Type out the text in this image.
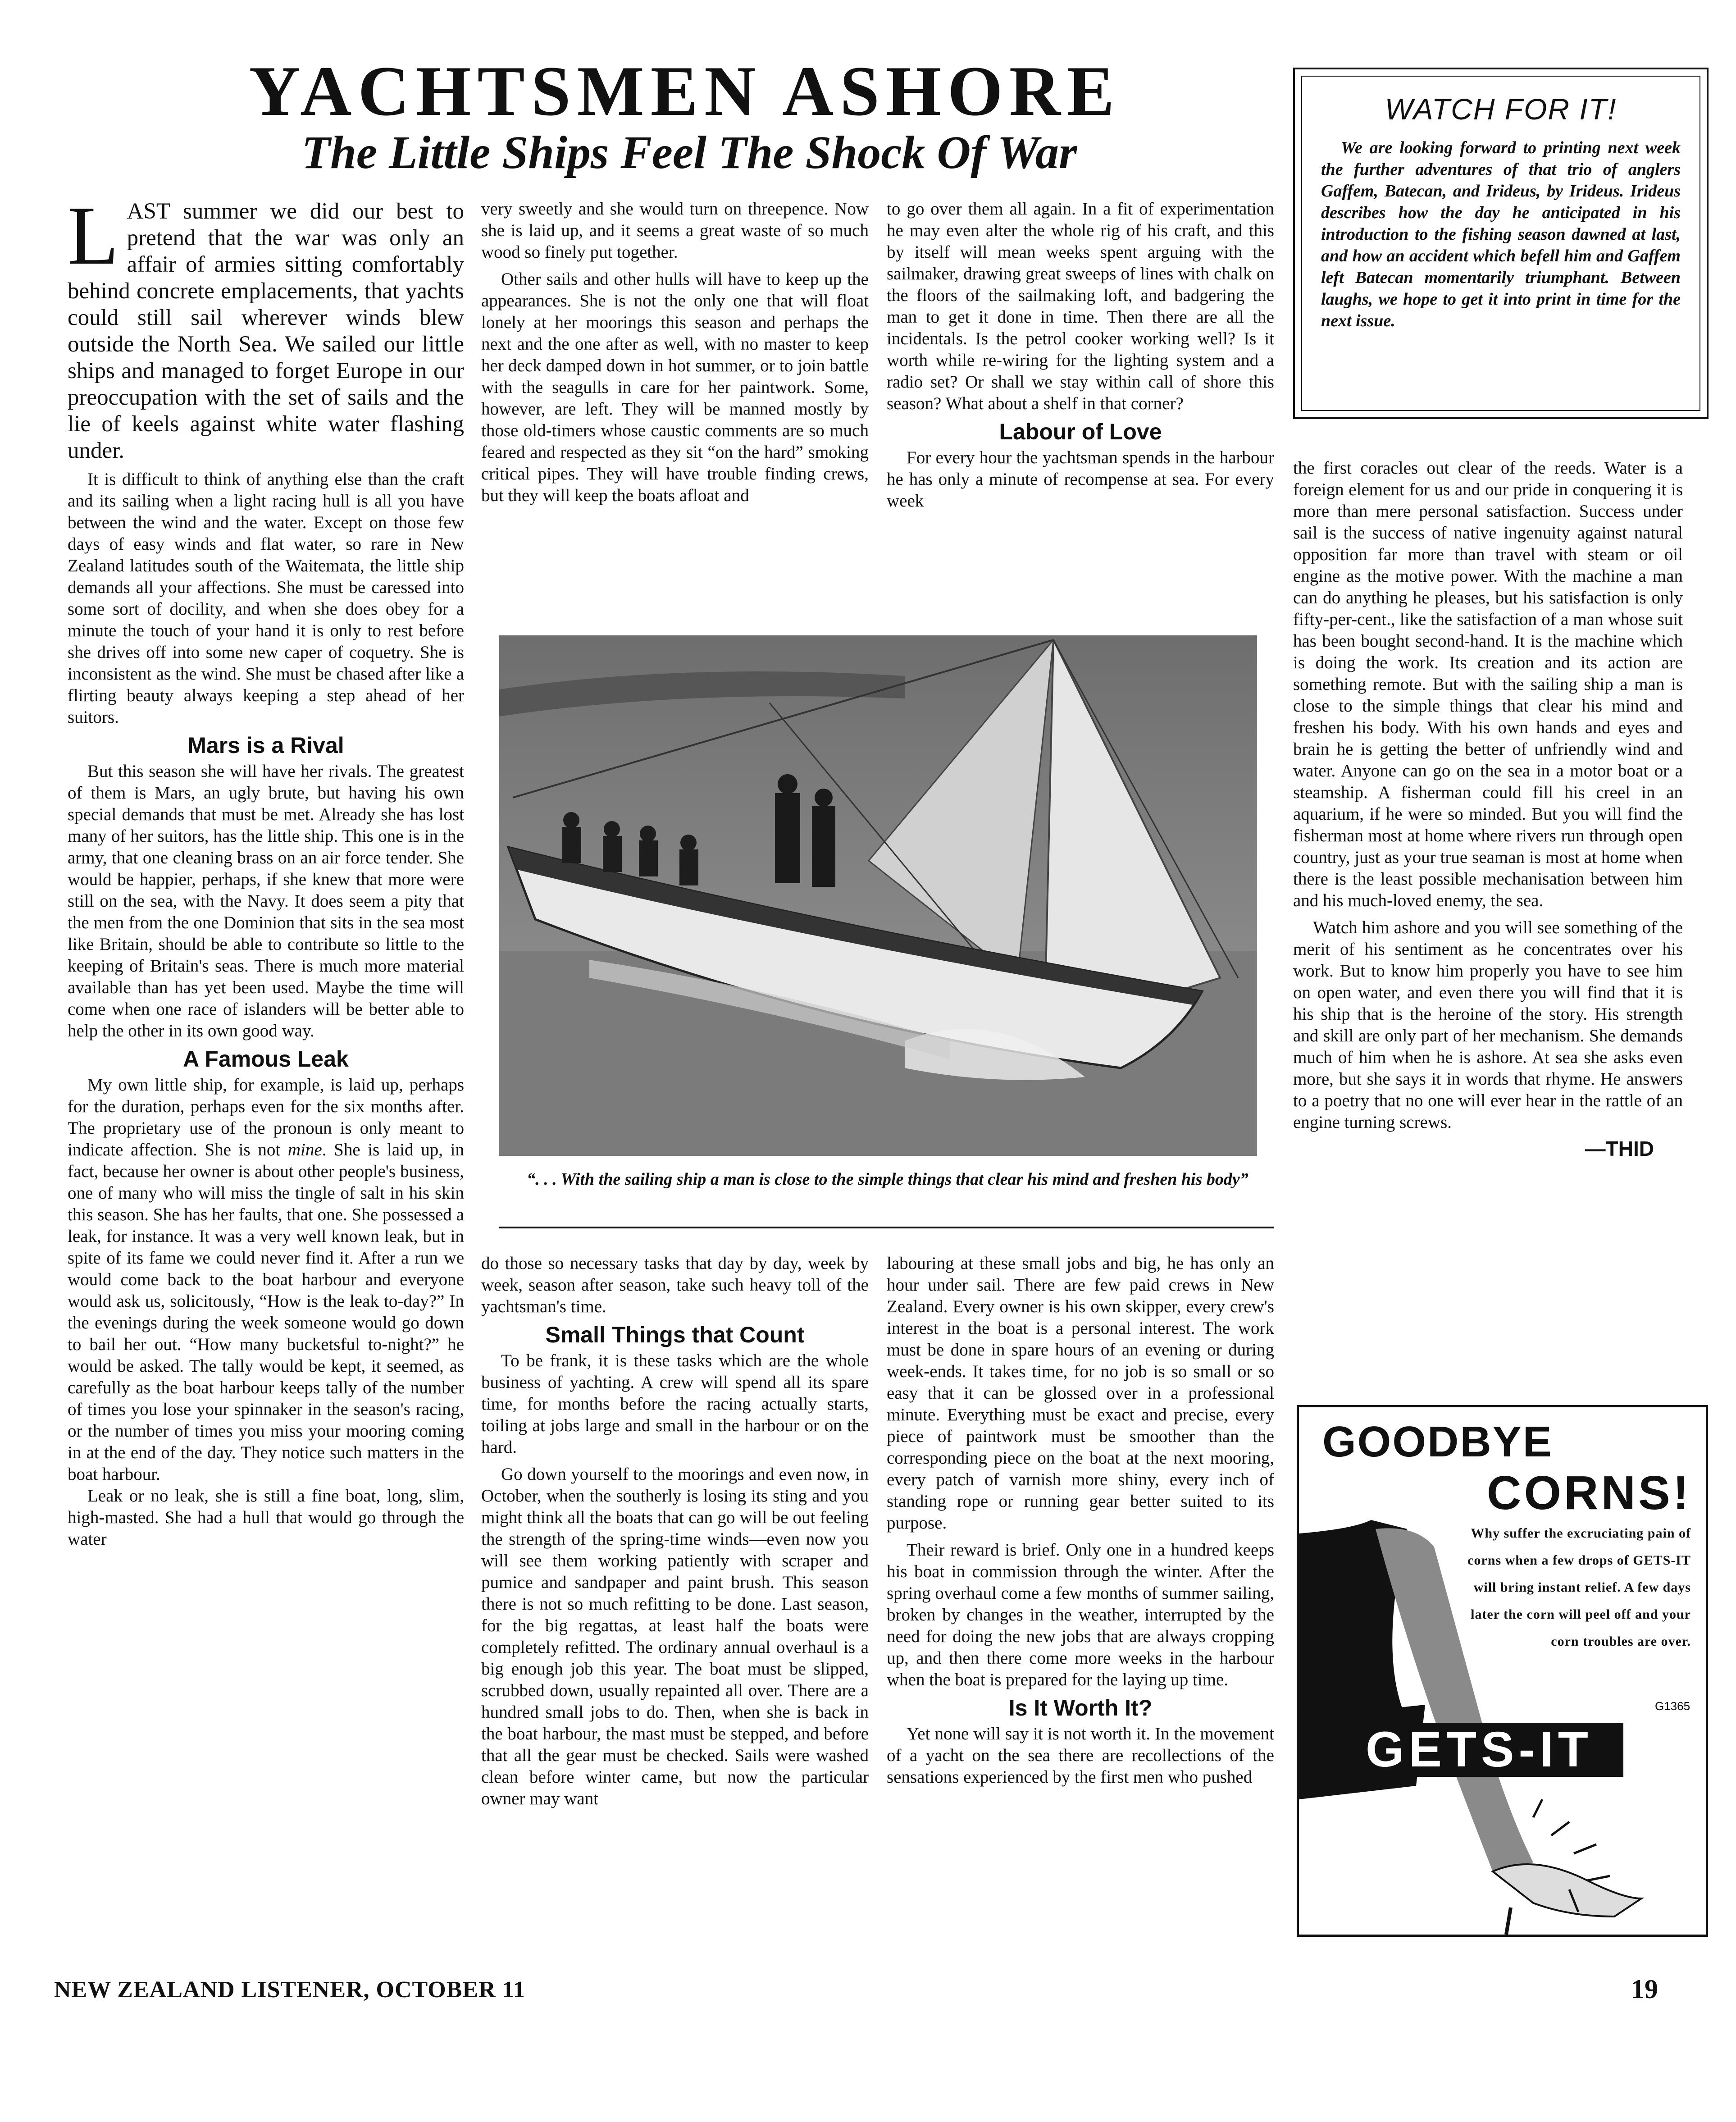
YACHTSMEN ASHORE
The Little Ships Feel The Shock Of War
WATCH FOR IT!
We are looking forward to printing next week the further adventures of that trio of anglers Gaffem, Batecan, and Irideus, by Irideus. Irideus describes how the day he anticipated in his introduction to the fishing season dawned at last, and how an accident which befell him and Gaffem left Batecan momentarily triumphant. Between laughs, we hope to get it into print in time for the next issue.
LAST summer we did our best to pretend that the war was only an affair of armies sitting comfortably behind concrete emplacements, that yachts could still sail wherever winds blew outside the North Sea. We sailed our little ships and managed to forget Europe in our preoccupation with the set of sails and the lie of keels against white water flashing under.

It is difficult to think of anything else than the craft and its sailing when a light racing hull is all you have between the wind and the water. Except on those few days of easy winds and flat water, so rare in New Zealand latitudes south of the Waitemata, the little ship demands all your affections. She must be caressed into some sort of docility, and when she does obey for a minute the touch of your hand it is only to rest before she drives off into some new caper of coquetry. She is inconsistent as the wind. She must be chased after like a flirting beauty always keeping a step ahead of her suitors.

Mars is a Rival

But this season she will have her rivals. The greatest of them is Mars, an ugly brute, but having his own special demands that must be met. Already she has lost many of her suitors, has the little ship. This one is in the army, that one cleaning brass on an air force tender. She would be happier, perhaps, if she knew that more were still on the sea, with the Navy. It does seem a pity that the men from the one Dominion that sits in the sea most like Britain, should be able to contribute so little to the keeping of Britain's seas. There is much more material available than has yet been used. Maybe the time will come when one race of islanders will be better able to help the other in its own good way.

A Famous Leak

My own little ship, for example, is laid up, perhaps for the duration, perhaps even for the six months after. The proprietary use of the pronoun is only meant to indicate affection. She is not mine. She is laid up, in fact, because her owner is about other people's business, one of many who will miss the tingle of salt in his skin this season. She has her faults, that one. She possessed a leak, for instance. It was a very well known leak, but in spite of its fame we could never find it. After a run we would come back to the boat harbour and everyone would ask us, solicitously, “How is the leak to-day?” In the evenings during the week someone would go down to bail her out. “How many bucketsful to-night?” he would be asked. The tally would be kept, it seemed, as carefully as the boat harbour keeps tally of the number of times you lose your spinnaker in the season's racing, or the number of times you miss your mooring coming in at the end of the day. They notice such matters in the boat harbour.

Leak or no leak, she is still a fine boat, long, slim, high-masted. She had a hull that would go through the water

very sweetly and she would turn on threepence. Now she is laid up, and it seems a great waste of so much wood so finely put together.

Other sails and other hulls will have to keep up the appearances. She is not the only one that will float lonely at her moorings this season and perhaps the next and the one after as well, with no master to keep her deck damped down in hot summer, or to join battle with the seagulls in care for her paintwork. Some, however, are left. They will be manned mostly by those old-timers whose caustic comments are so much feared and respected as they sit “on the hard” smoking critical pipes. They will have trouble finding crews, but they will keep the boats afloat and

to go over them all again. In a fit of experimentation he may even alter the whole rig of his craft, and this by itself will mean weeks spent arguing with the sailmaker, drawing great sweeps of lines with chalk on the floors of the sailmaking loft, and badgering the man to get it done in time. Then there are all the incidentals. Is the petrol cooker working well? Is it worth while re-wiring for the lighting system and a radio set? Or shall we stay within call of shore this season? What about a shelf in that corner?

Labour of Love

For every hour the yachtsman spends in the harbour he has only a minute of recompense at sea. For every week

“. . . With the sailing ship a man is close to the simple things that clear his mind and freshen his body”

do those so necessary tasks that day by day, week by week, season after season, take such heavy toll of the yachtsman's time.

Small Things that Count

To be frank, it is these tasks which are the whole business of yachting. A crew will spend all its spare time, for months before the racing actually starts, toiling at jobs large and small in the harbour or on the hard.

Go down yourself to the moorings and even now, in October, when the southerly is losing its sting and you might think all the boats that can go will be out feeling the strength of the spring-time winds—even now you will see them working patiently with scraper and pumice and sandpaper and paint brush. This season there is not so much refitting to be done. Last season, for the big regattas, at least half the boats were completely refitted. The ordinary annual overhaul is a big enough job this year. The boat must be slipped, scrubbed down, usually repainted all over. There are a hundred small jobs to do. Then, when she is back in the boat harbour, the mast must be stepped, and before that all the gear must be checked. Sails were washed clean before winter came, but now the particular owner may want

labouring at these small jobs and big, he has only an hour under sail. There are few paid crews in New Zealand. Every owner is his own skipper, every crew's interest in the boat is a personal interest. The work must be done in spare hours of an evening or during week-ends. It takes time, for no job is so small or so easy that it can be glossed over in a professional minute. Everything must be exact and precise, every piece of paintwork must be smoother than the corresponding piece on the boat at the next mooring, every patch of varnish more shiny, every inch of standing rope or running gear better suited to its purpose.

Their reward is brief. Only one in a hundred keeps his boat in commission through the winter. After the spring overhaul come a few months of summer sailing, broken by changes in the weather, interrupted by the need for doing the new jobs that are always cropping up, and then there come more weeks in the harbour when the boat is prepared for the laying up time.

Is It Worth It?

Yet none will say it is not worth it. In the movement of a yacht on the sea there are recollections of the sensations experienced by the first men who pushed

the first coracles out clear of the reeds. Water is a foreign element for us and our pride in conquering it is more than mere personal satisfaction. Success under sail is the success of native ingenuity against natural opposition far more than travel with steam or oil engine as the motive power. With the machine a man can do anything he pleases, but his satisfaction is only fifty-per-cent., like the satisfaction of a man whose suit has been bought second-hand. It is the machine which is doing the work. Its creation and its action are something remote. But with the sailing ship a man is close to the simple things that clear his mind and freshen his body. With his own hands and eyes and brain he is getting the better of unfriendly wind and water. Anyone can go on the sea in a motor boat or a steamship. A fisherman could fill his creel in an aquarium, if he were so minded. But you will find the fisherman most at home where rivers run through open country, just as your true seaman is most at home when there is the least possible mechanisation between him and his much-loved enemy, the sea.

Watch him ashore and you will see something of the merit of his sentiment as he concentrates over his work. But to know him properly you have to see him on open water, and even there you will find that it is his ship that is the heroine of the story. His strength and skill are only part of her mechanism. She demands much of him when he is ashore. At sea she asks even more, but she says it in words that rhyme. He answers to a poetry that no one will ever hear in the rattle of an engine turning screws.

—THID
GOODBYE
CORNS!
Why suffer the excruciating pain of corns when a few drops of GETS-IT will bring instant relief. A few days later the corn will peel off and your corn troubles are over.
G1365
GETS-IT
NEW ZEALAND LISTENER, OCTOBER 11	19
